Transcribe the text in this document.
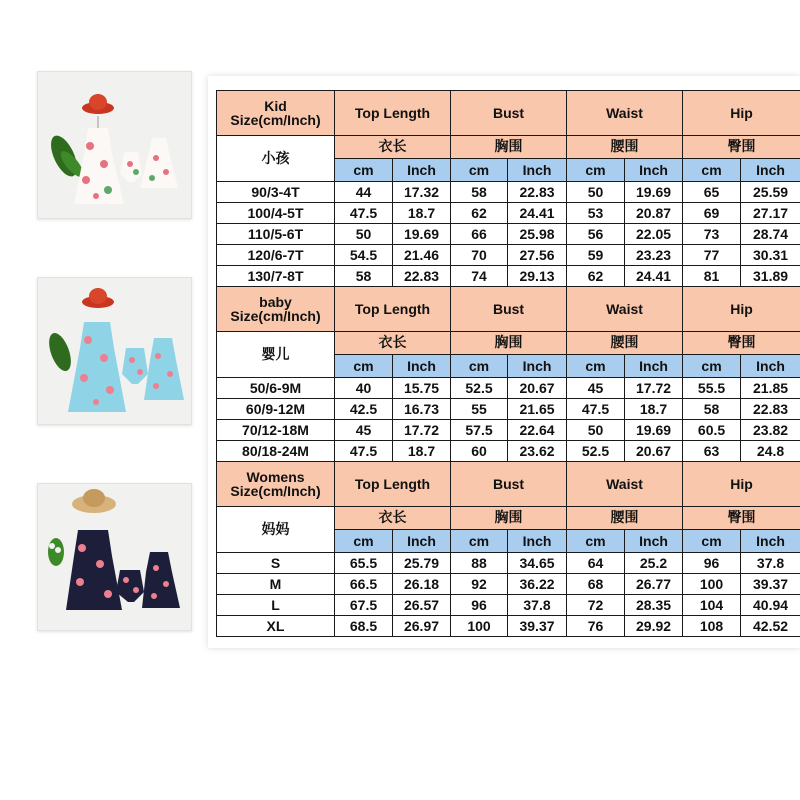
Kid
Size(cm/Inch)	Top Length		Bust		Waist		Hip	
小孩	衣长		胸围		腰围		臀围	
	cm	Inch	cm	Inch	cm	Inch	cm	Inch
90/3-4T	44	17.32	58	22.83	50	19.69	65	25.59
100/4-5T	47.5	18.7	62	24.41	53	20.87	69	27.17
110/5-6T	50	19.69	66	25.98	56	22.05	73	28.74
120/6-7T	54.5	21.46	70	27.56	59	23.23	77	30.31
130/7-8T	58	22.83	74	29.13	62	24.41	81	31.89

baby
Size(cm/Inch)	Top Length		Bust		Waist		Hip	
婴儿	衣长		胸围		腰围		臀围	
	cm	Inch	cm	Inch	cm	Inch	cm	Inch
50/6-9M	40	15.75	52.5	20.67	45	17.72	55.5	21.85
60/9-12M	42.5	16.73	55	21.65	47.5	18.7	58	22.83
70/12-18M	45	17.72	57.5	22.64	50	19.69	60.5	23.82
80/18-24M	47.5	18.7	60	23.62	52.5	20.67	63	24.8

Womens
Size(cm/Inch)	Top Length		Bust		Waist		Hip	
妈妈	衣长		胸围		腰围		臀围	
	cm	Inch	cm	Inch	cm	Inch	cm	Inch
S	65.5	25.79	88	34.65	64	25.2	96	37.8
M	66.5	26.18	92	36.22	68	26.77	100	39.37
L	67.5	26.57	96	37.8	72	28.35	104	40.94
XL	68.5	26.97	100	39.37	76	29.92	108	42.52
